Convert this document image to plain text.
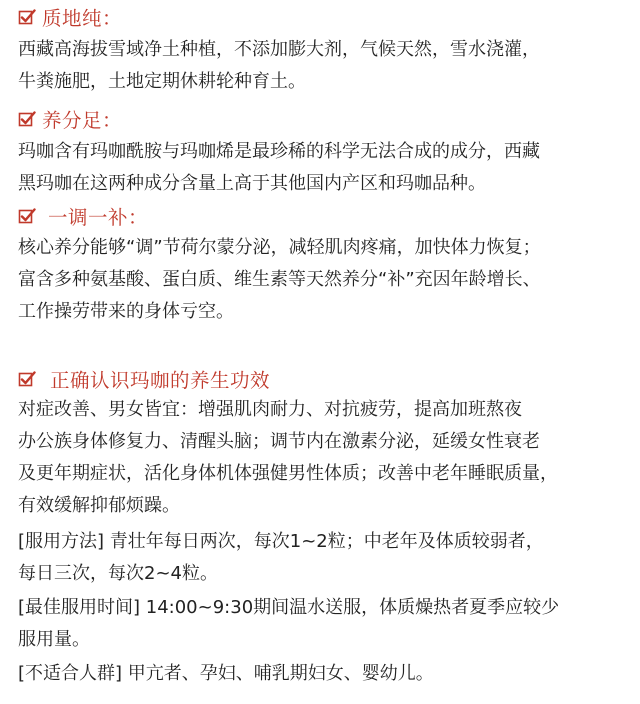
质地纯：
西藏高海拔雪域净土种植，不添加膨大剂，气候天然，雪水浇灌，
牛粪施肥，土地定期休耕轮种育土。
养分足：
玛咖含有玛咖酰胺与玛咖烯是最珍稀的科学无法合成的成分，西藏
黑玛咖在这两种成分含量上高于其他国内产区和玛咖品种。
一调一补：
核心养分能够“调”节荷尔蒙分泌，减轻肌肉疼痛，加快体力恢复；
富含多种氨基酸、蛋白质、维生素等天然养分“补”充因年龄增长、
工作操劳带来的身体亏空。
正确认识玛咖的养生功效
对症改善、男女皆宜：增强肌肉耐力、对抗疲劳，提高加班熬夜
办公族身体修复力、清醒头脑；调节内在激素分泌，延缓女性衰老
及更年期症状，活化身体机体强健男性体质；改善中老年睡眠质量，
有效缓解抑郁烦躁。
[服用方法] 青壮年每日两次，每次1~2粒；中老年及体质较弱者，
每日三次，每次2~4粒。
[最佳服用时间] 14:00~9:30期间温水送服，体质燥热者夏季应较少
服用量。
[不适合人群] 甲亢者、孕妇、哺乳期妇女、婴幼儿。
